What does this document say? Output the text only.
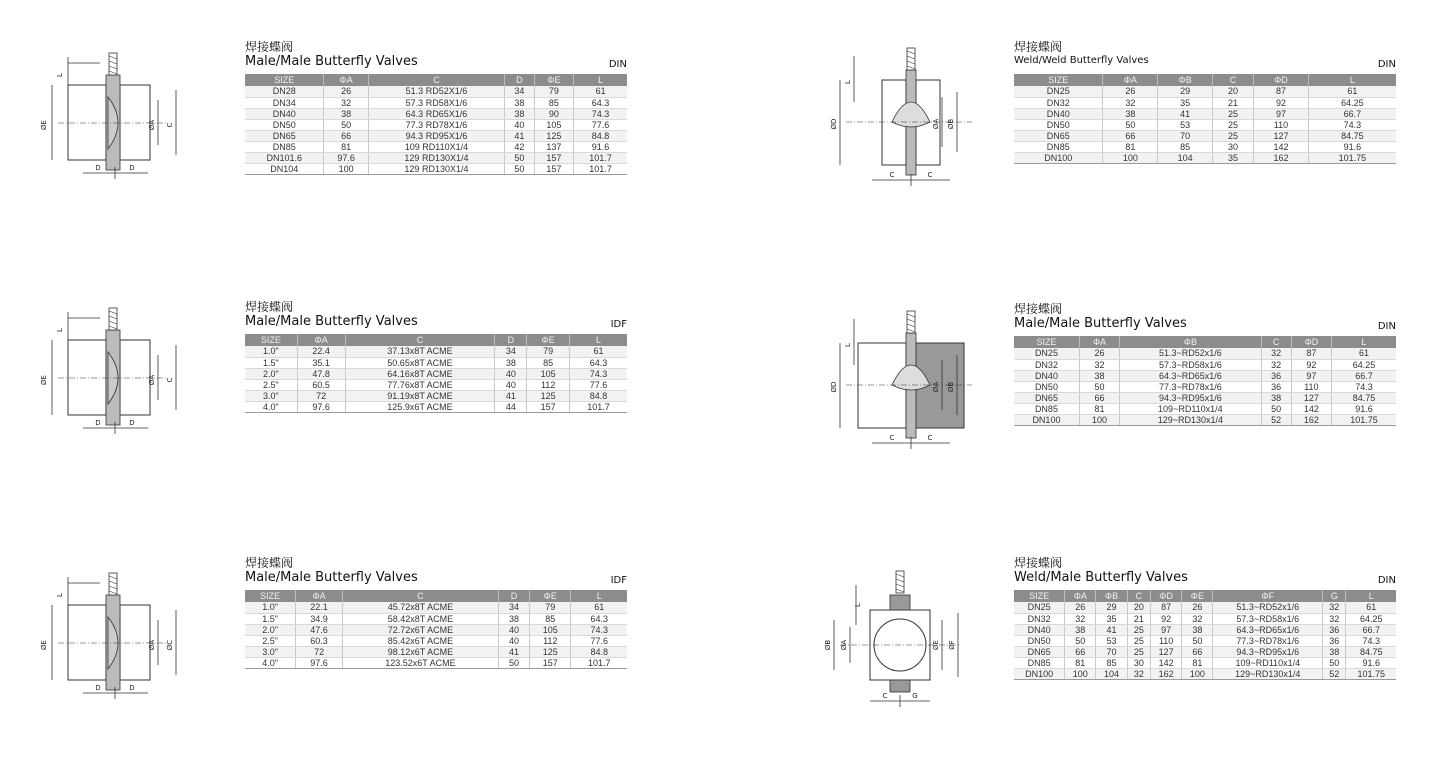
ØE
L
ØA C
D	D
ØD
L
ØA ØB
C	C
ØE
L
ØA C
D	D
ØD
L
ØA ØB
C	C
ØE
L
ØA ØC
D	D
ØB ØA	ØE ØF
L
C	G
焊接蝶阀
Male/Male Butterfly Valves	DIN
SIZE	ΦA	C	D	ΦE	L
DN28	26	51.3 RD52X1/6	34	79	61
DN34	32	57.3 RD58X1/6	38	85	64.3
DN40	38	64.3 RD65X1/6	38	90	74.3
DN50	50	77.3 RD78X1/6	40	105	77.6
DN65	66	94.3 RD95X1/6	41	125	84.8
DN85	81	109 RD110X1/4	42	137	91.6
DN101.6	97.6	129 RD130X1/4	50	157	101.7
DN104	100	129 RD130X1/4	50	157	101.7
焊接蝶阀
Weld/Weld Butterfly Valves	DIN
SIZE	ΦA	ΦB	C	ΦD	L
DN25	26	29	20	87	61
DN32	32	35	21	92	64.25
DN40	38	41	25	97	66.7
DN50	50	53	25	110	74.3
DN65	66	70	25	127	84.75
DN85	81	85	30	142	91.6
DN100	100	104	35	162	101.75
焊接蝶阀
Male/Male Butterfly Valves	IDF
SIZE	ΦA	C	D	ΦE	L
1.0"	22.4	37.13x8T ACME	34	79	61
1.5"	35.1	50.65x8T ACME	38	85	64.3
2.0"	47.8	64.16x8T ACME	40	105	74.3
2.5"	60.5	77.76x8T ACME	40	112	77.6
3.0"	72	91.19x8T ACME	41	125	84.8
4.0"	97.6	125.9x6T ACME	44	157	101.7
焊接蝶阀
Male/Male Butterfly Valves	DIN
SIZE	ΦA	ΦB	C	ΦD	L
DN25	26	51.3~RD52x1/6	32	87	61
DN32	32	57.3~RD58x1/6	32	92	64.25
DN40	38	64.3~RD65x1/6	36	97	66.7
DN50	50	77.3~RD78x1/6	36	110	74.3
DN65	66	94.3~RD95x1/6	38	127	84.75
DN85	81	109~RD110x1/4	50	142	91.6
DN100	100	129~RD130x1/4	52	162	101.75
焊接蝶阀
Male/Male Butterfly Valves	IDF
SIZE	ΦA	C	D	ΦE	L
1.0"	22.1	45.72x8T ACME	34	79	61
1.5"	34.9	58.42x8T ACME	38	85	64.3
2.0"	47.6	72.72x6T ACME	40	105	74.3
2.5"	60.3	85.42x6T ACME	40	112	77.6
3.0"	72	98.12x6T ACME	41	125	84.8
4.0"	97.6	123.52x6T ACME	50	157	101.7
焊接蝶阀
Weld/Male Butterfly Valves	DIN
SIZE	ΦA	ΦB	C	ΦD	ΦE	ΦF	G	L
DN25	26	29	20	87	26	51.3~RD52x1/6	32	61
DN32	32	35	21	92	32	57.3~RD58x1/6	32	64.25
DN40	38	41	25	97	38	64.3~RD65x1/6	36	66.7
DN50	50	53	25	110	50	77.3~RD78x1/6	36	74.3
DN65	66	70	25	127	66	94.3~RD95x1/6	38	84.75
DN85	81	85	30	142	81	109~RD110x1/4	50	91.6
DN100	100	104	32	162	100	129~RD130x1/4	52	101.75
